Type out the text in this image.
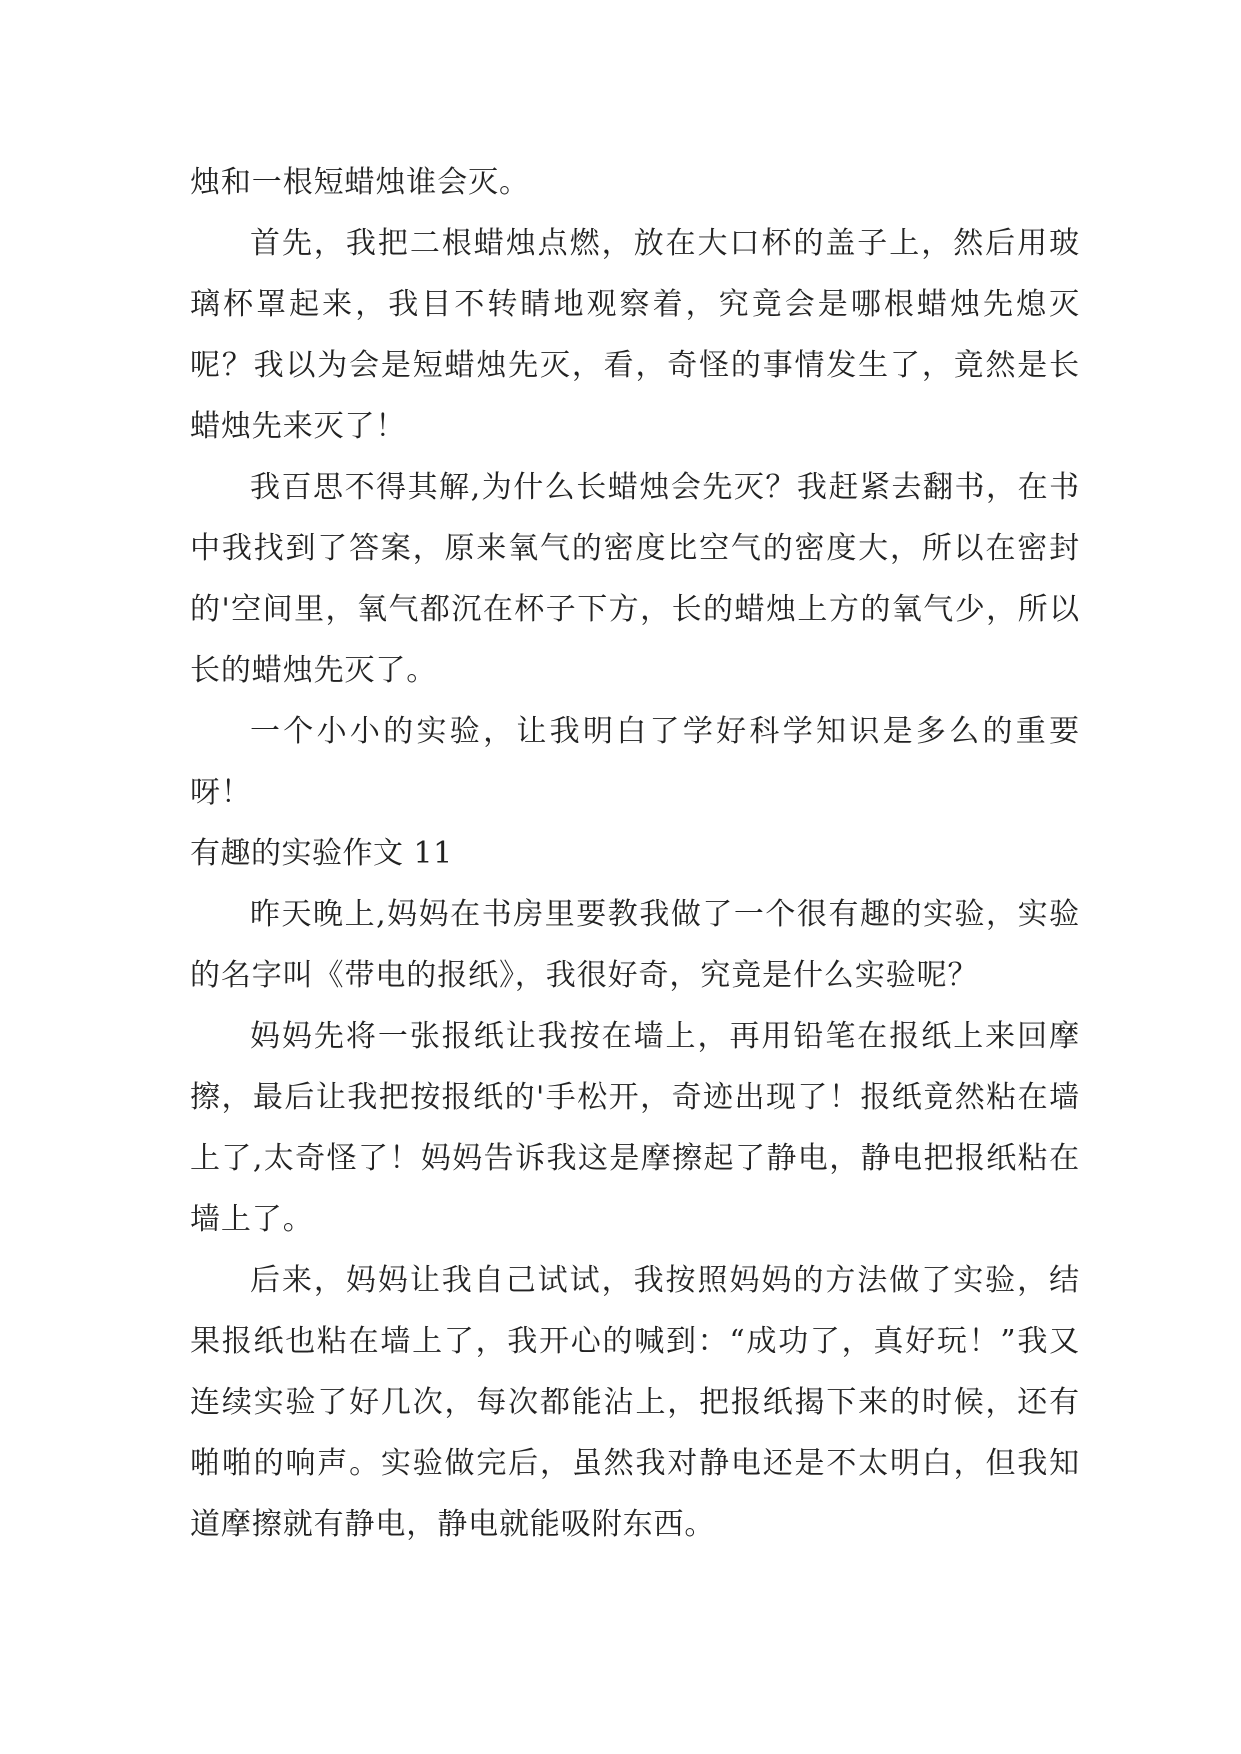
烛和一根短蜡烛谁会灭。

首先，我把二根蜡烛点燃，放在大口杯的盖子上，然后用玻璃杯罩起来，我目不转睛地观察着，究竟会是哪根蜡烛先熄灭呢？我以为会是短蜡烛先灭，看，奇怪的事情发生了，竟然是长蜡烛先来灭了！

我百思不得其解,为什么长蜡烛会先灭？我赶紧去翻书，在书中我找到了答案，原来氧气的密度比空气的密度大，所以在密封的'空间里，氧气都沉在杯子下方，长的蜡烛上方的氧气少，所以长的蜡烛先灭了。

一个小小的实验，让我明白了学好科学知识是多么的重要呀！

有趣的实验作文 11

昨天晚上,妈妈在书房里要教我做了一个很有趣的实验，实验的名字叫《带电的报纸》，我很好奇，究竟是什么实验呢？

妈妈先将一张报纸让我按在墙上，再用铅笔在报纸上来回摩擦，最后让我把按报纸的'手松开，奇迹出现了！报纸竟然粘在墙上了,太奇怪了！妈妈告诉我这是摩擦起了静电，静电把报纸粘在墙上了。

后来，妈妈让我自己试试，我按照妈妈的方法做了实验，结果报纸也粘在墙上了，我开心的喊到：“成功了，真好玩！”我又连续实验了好几次，每次都能沾上，把报纸揭下来的时候，还有啪啪的响声。实验做完后，虽然我对静电还是不太明白，但我知道摩擦就有静电，静电就能吸附东西。
